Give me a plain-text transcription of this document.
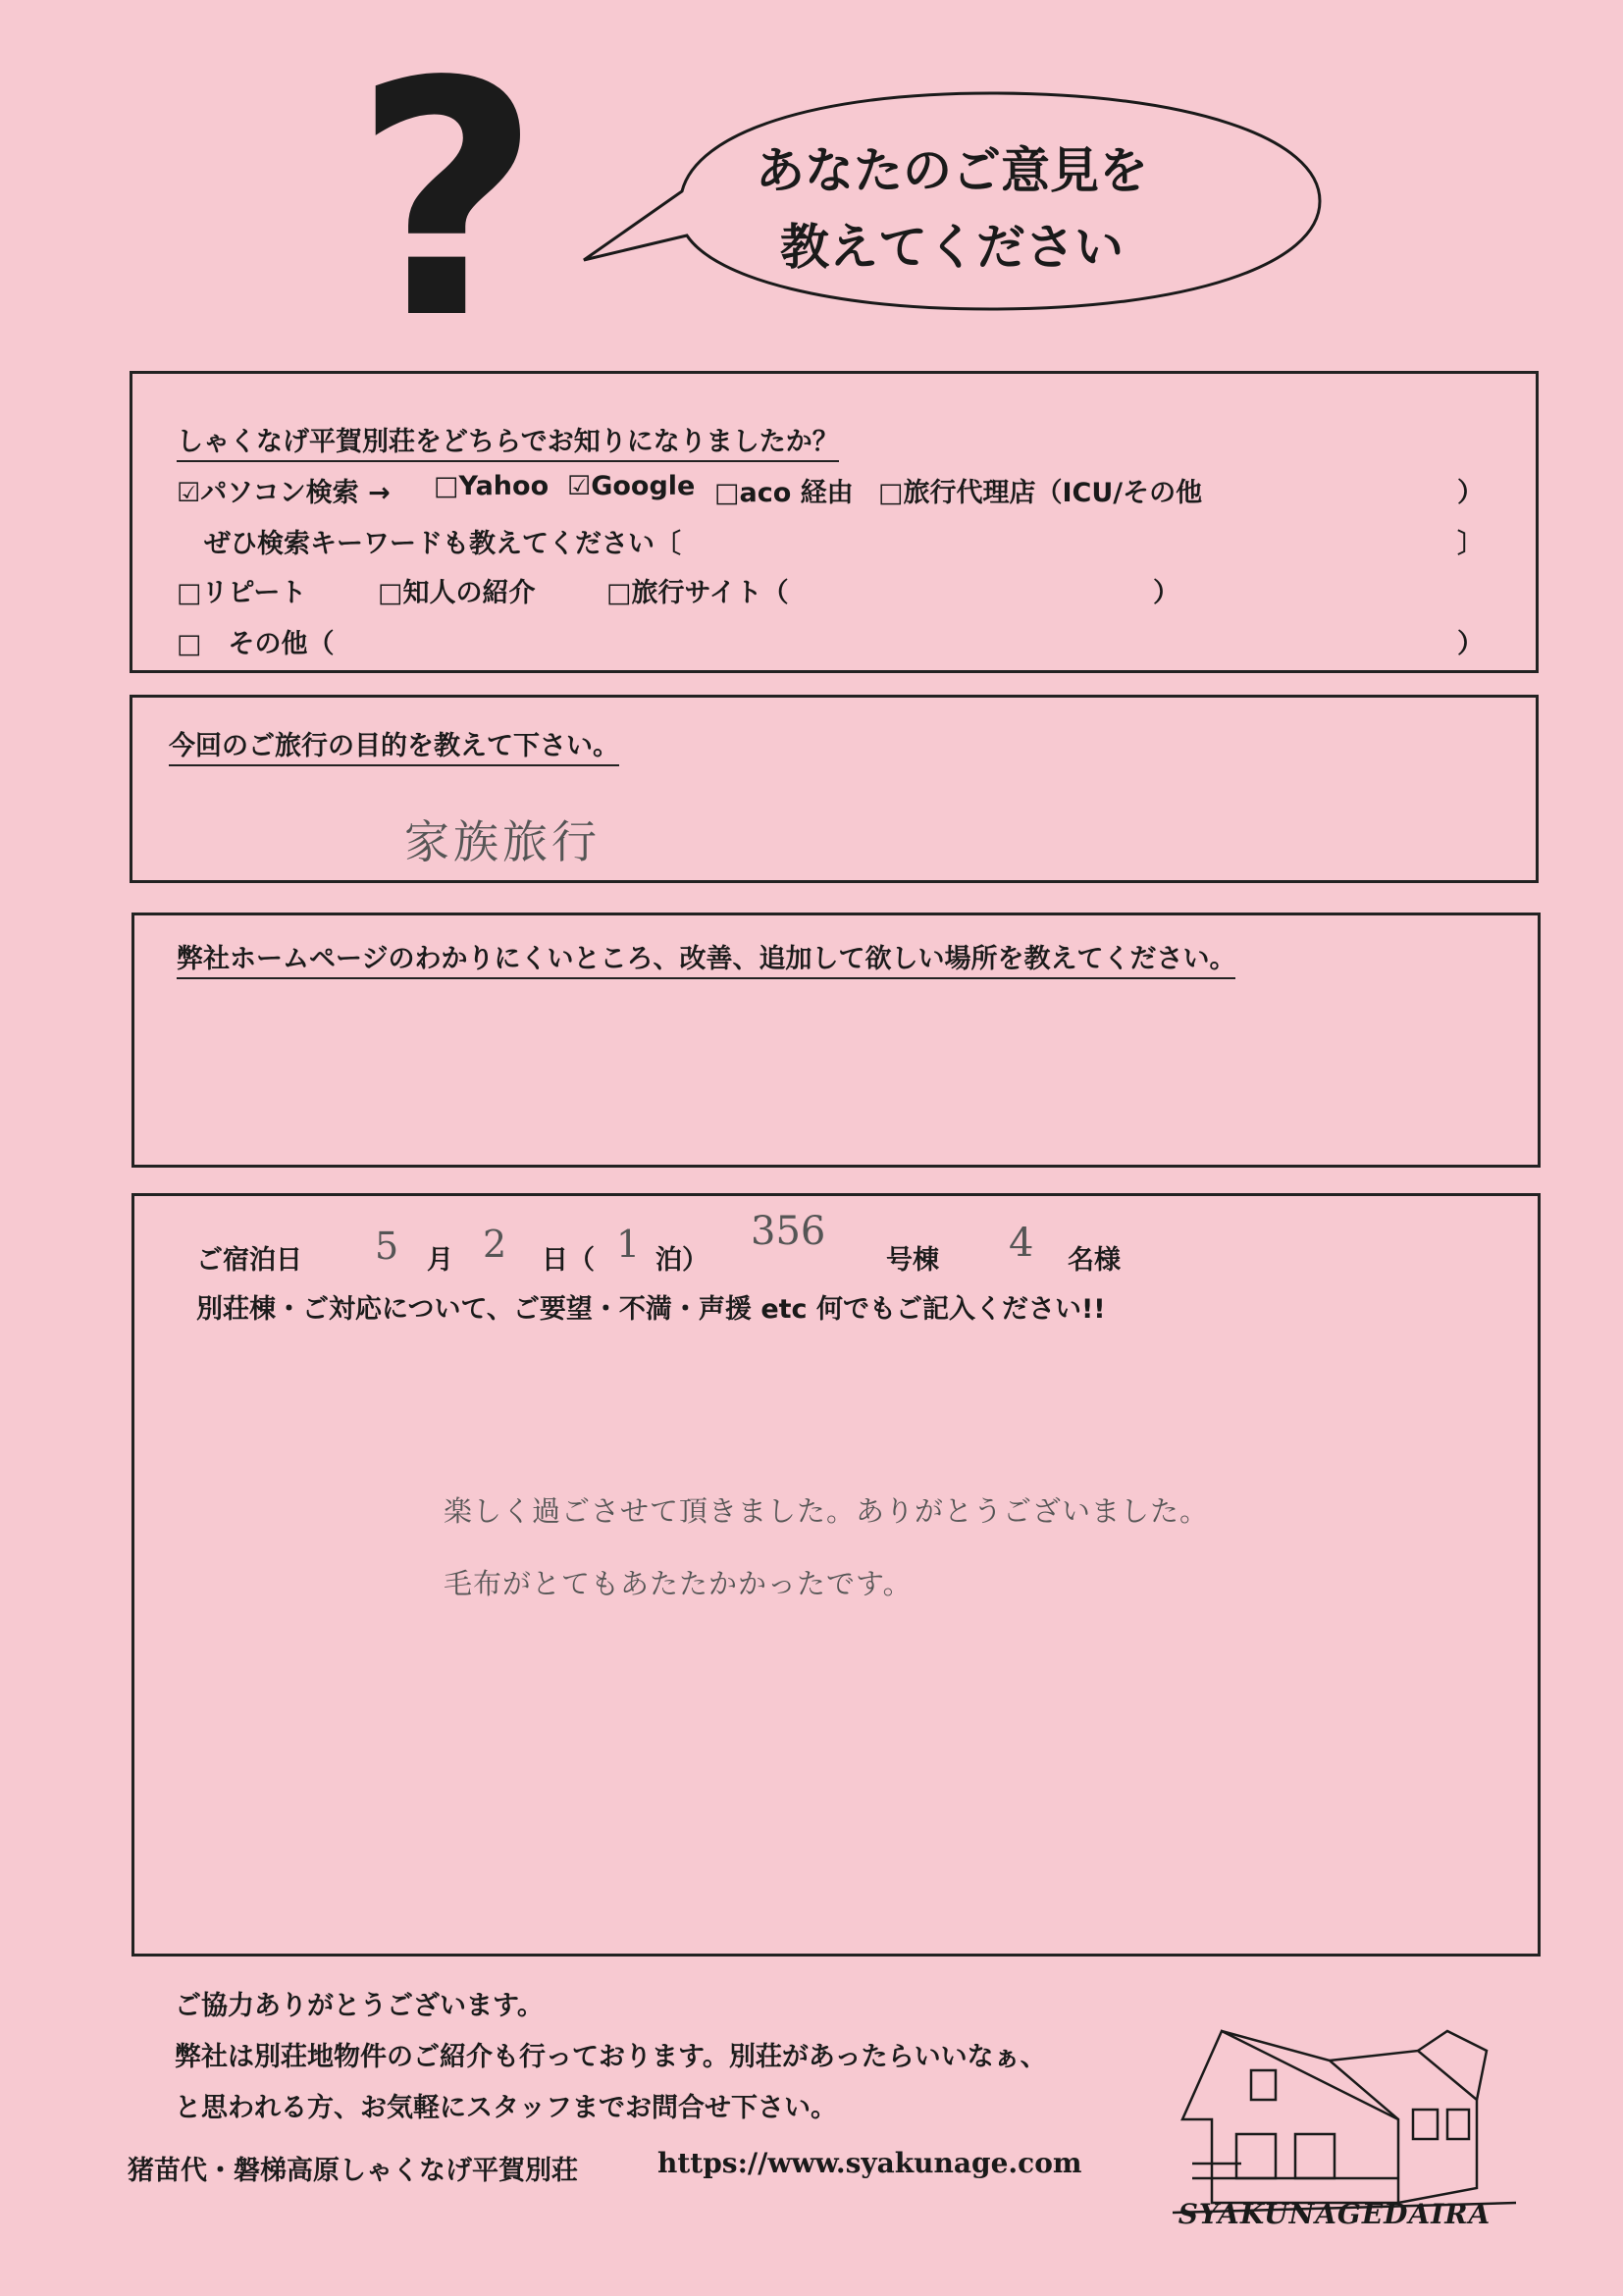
?	あなたのご意見を
教えてください
しゃくなげ平賀別荘をどちらでお知りになりましたか？
☑パソコン検索 → □Yahoo ☑Google □aco 経由 □旅行代理店（ICU/その他	）
ぜひ検索キーワードも教えてください〔	〕
□リピート	□知人の紹介	□旅行サイト（	）
□　その他（	）
今回のご旅行の目的を教えて下さい。
家族旅行
弊社ホームページのわかりにくいところ、改善、追加して欲しい場所を教えてください。
ご宿泊日 5 月 2 日（ 1 泊）
356
号棟 4 名様
別荘棟・ご対応について、ご要望・不満・声援 etc 何でもご記入ください!!
楽しく過ごさせて頂きました。ありがとうございました。
毛布がとてもあたたかかったです。
ご協力ありがとうございます。
弊社は別荘地物件のご紹介も行っております。別荘があったらいいなぁ、
と思われる方、お気軽にスタッフまでお問合せ下さい。
猪苗代・磐梯高原しゃくなげ平賀別荘	https://www.syakunage.com
SYAKUNAGEDAIRA
